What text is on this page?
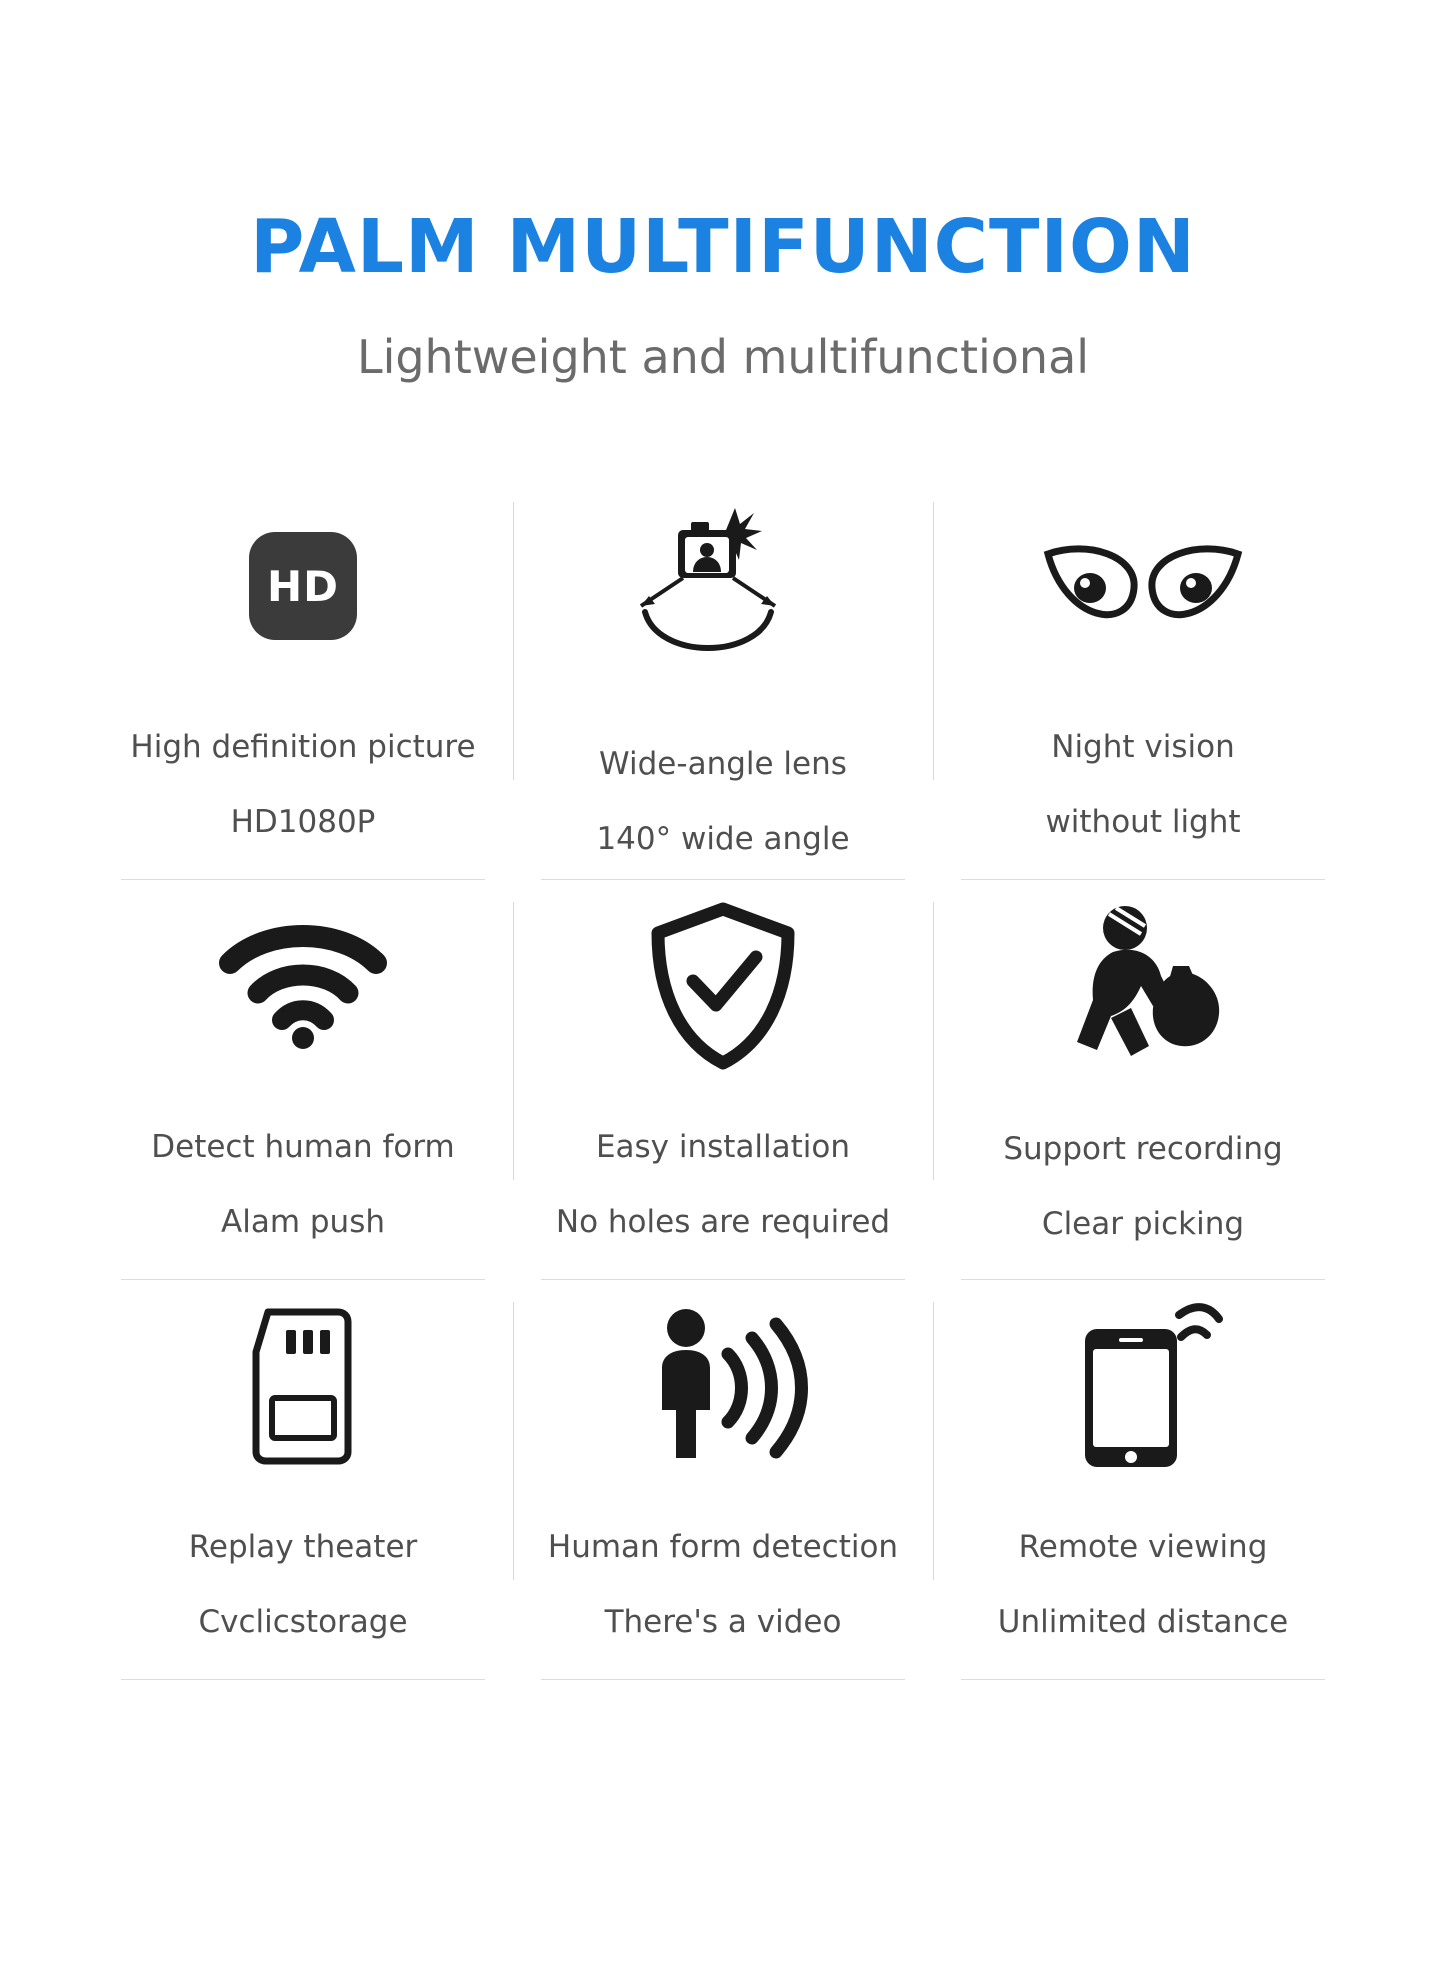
PALM MULTIFUNCTION
Lightweight and multifunctional
HD

High definition picture

HD1080P

Wide-angle lens

140° wide angle

Night vision

without light

Detect human form

Alam push

Easy installation

No holes are required

Support recording

Clear picking

Replay theater

Cvclicstorage

Human form detection

There's a video

Remote viewing

Unlimited distance
